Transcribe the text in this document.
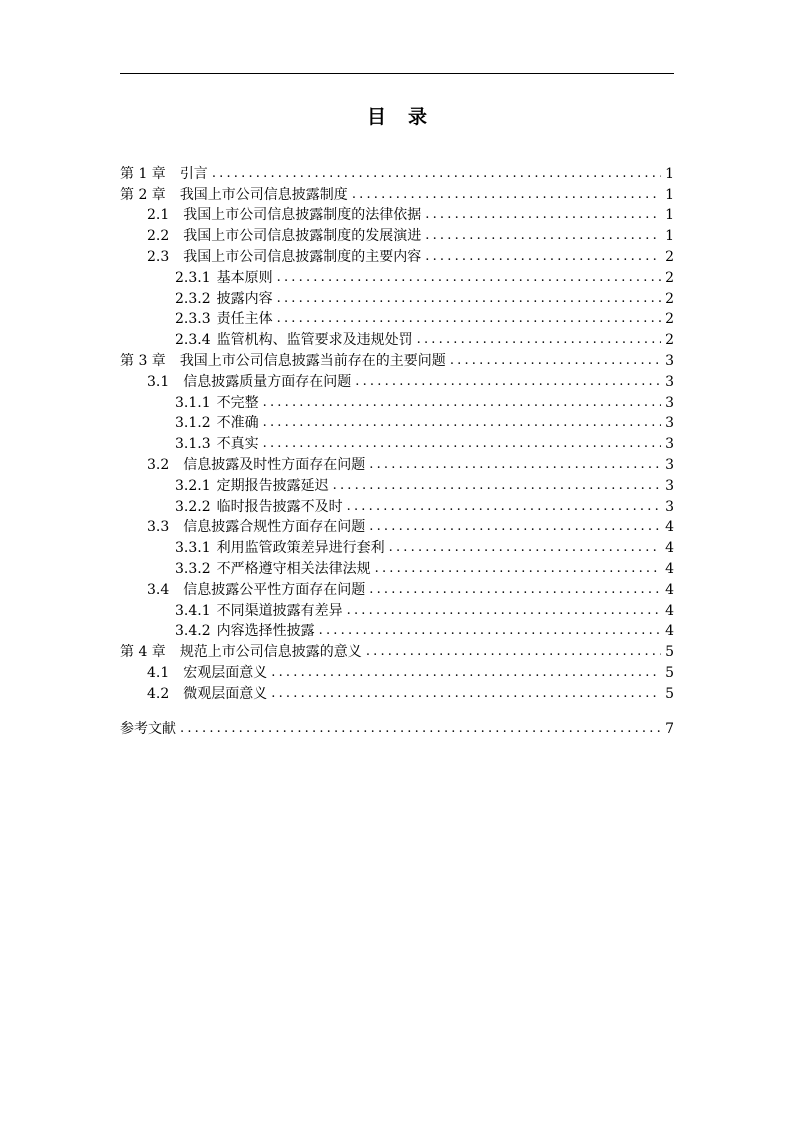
目 录
第 1 章 引言 .....	1
第 2 章 我国上市公司信息披露制度 .....	1
2.1 我国上市公司信息披露制度的法律依据 .....	1
2.2 我国上市公司信息披露制度的发展演进 .....	1
2.3 我国上市公司信息披露制度的主要内容 .....	2
2.3.1 基本原则 .....	2
2.3.2 披露内容 .....	2
2.3.3 责任主体 .....	2
2.3.4 监管机构、监管要求及违规处罚 .....	2
第 3 章 我国上市公司信息披露当前存在的主要问题 .....	3
3.1 信息披露质量方面存在问题 .....	3
3.1.1 不完整 .....	3
3.1.2 不准确 .....	3
3.1.3 不真实 .....	3
3.2 信息披露及时性方面存在问题 .....	3
3.2.1 定期报告披露延迟 .....	3
3.2.2 临时报告披露不及时 .....	3
3.3 信息披露合规性方面存在问题 .....	4
3.3.1 利用监管政策差异进行套利 .....	4
3.3.2 不严格遵守相关法律法规 .....	4
3.4 信息披露公平性方面存在问题 .....	4
3.4.1 不同渠道披露有差异 .....	4
3.4.2 内容选择性披露 .....	4
第 4 章 规范上市公司信息披露的意义 .....	5
4.1 宏观层面意义 .....	5
4.2 微观层面意义 .....	5
参考文献 .....	7
